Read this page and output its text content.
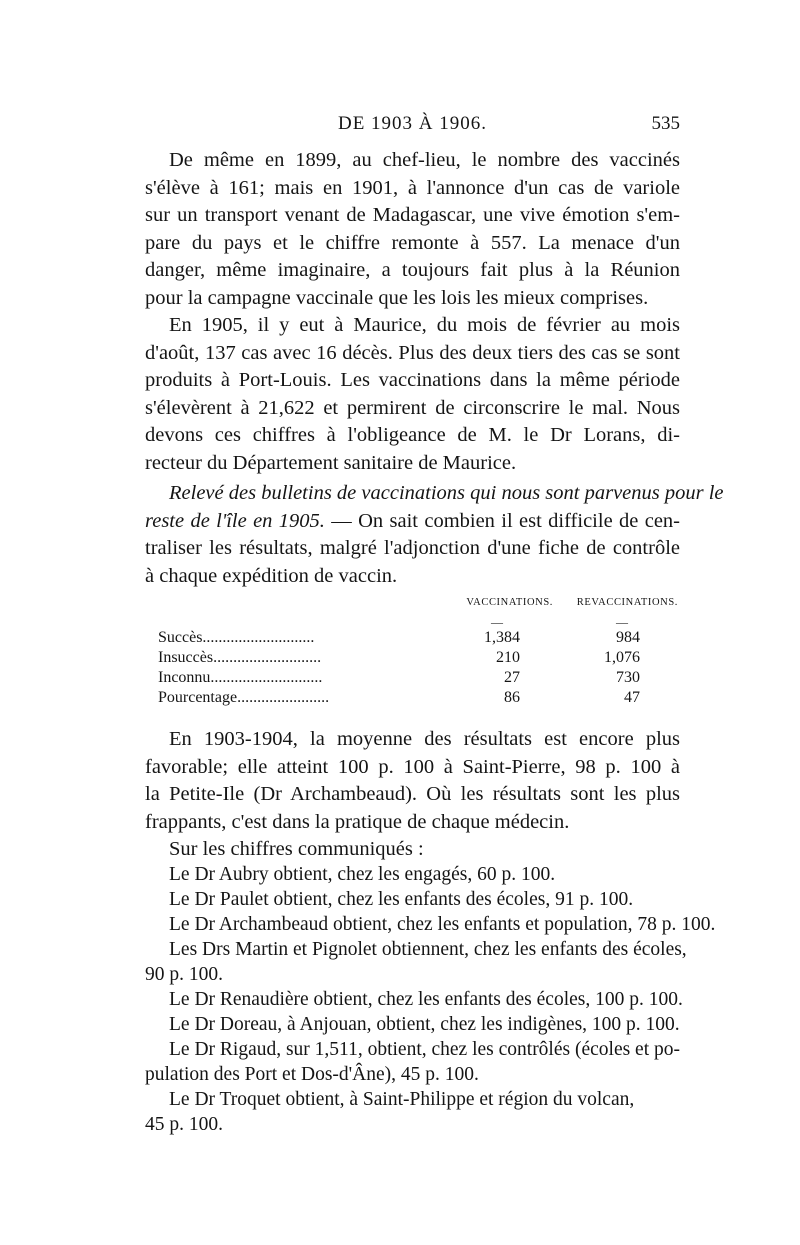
DE 1903 À 1906.	535

De même en 1899, au chef-lieu, le nombre des vaccinés
s'élève à 161; mais en 1901, à l'annonce d'un cas de variole
sur un transport venant de Madagascar, une vive émotion s'em-
pare du pays et le chiffre remonte à 557. La menace d'un
danger, même imaginaire, a toujours fait plus à la Réunion
pour la campagne vaccinale que les lois les mieux comprises.

En 1905, il y eut à Maurice, du mois de février au mois
d'août, 137 cas avec 16 décès. Plus des deux tiers des cas se sont
produits à Port-Louis. Les vaccinations dans la même période
s'élevèrent à 21,622 et permirent de circonscrire le mal. Nous
devons ces chiffres à l'obligeance de M. le Dr Lorans, di-
recteur du Département sanitaire de Maurice.

Relevé des bulletins de vaccinations qui nous sont parvenus pour le
reste de l'île en 1905. — On sait combien il est difficile de cen-
traliser les résultats, malgré l'adjonction d'une fiche de contrôle
à chaque expédition de vaccin.

VACCINATIONS. REVACCINATIONS.
—	—
Succès............................	1,384	984
Insuccès...........................	210	1,076
Inconnu............................	27	730
Pourcentage.......................	86	47

En 1903-1904, la moyenne des résultats est encore plus
favorable; elle atteint 100 p. 100 à Saint-Pierre, 98 p. 100 à
la Petite-Ile (Dr Archambeaud). Où les résultats sont les plus
frappants, c'est dans la pratique de chaque médecin.
Sur les chiffres communiqués :

Le Dr Aubry obtient, chez les engagés, 60 p. 100.

Le Dr Paulet obtient, chez les enfants des écoles, 91 p. 100.

Le Dr Archambeaud obtient, chez les enfants et population, 78 p. 100.

Les Drs Martin et Pignolet obtiennent, chez les enfants des écoles,
90 p. 100.

Le Dr Renaudière obtient, chez les enfants des écoles, 100 p. 100.

Le Dr Doreau, à Anjouan, obtient, chez les indigènes, 100 p. 100.

Le Dr Rigaud, sur 1,511, obtient, chez les contrôlés (écoles et po-
pulation des Port et Dos-d'Âne), 45 p. 100.

Le Dr Troquet obtient, à Saint-Philippe et région du volcan,
45 p. 100.
